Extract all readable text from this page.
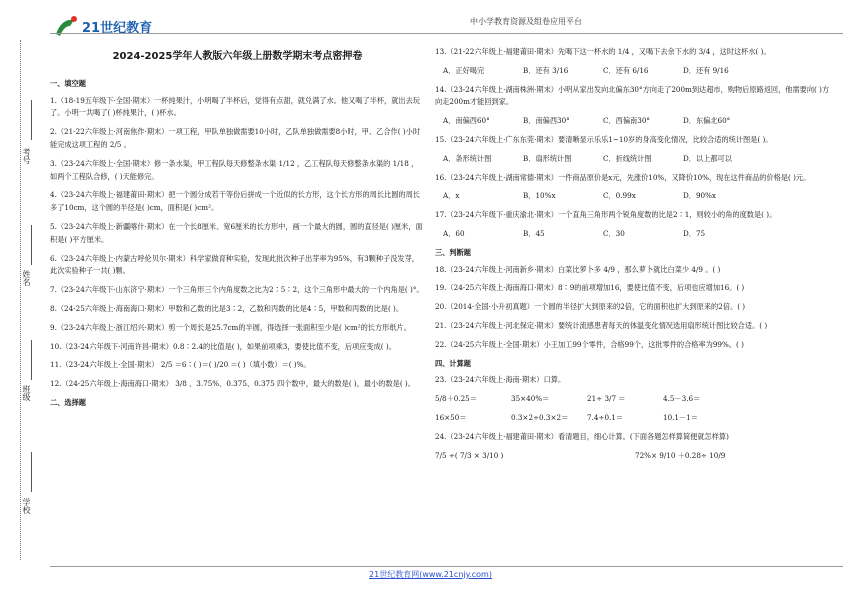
21世纪教育	中小学教育资源及组卷应用平台
考号
姓名
班级
学校
2024-2025学年人教版六年级上册数学期末考点密押卷
一、填空题
1.（18-19五年级下·全国·期末）一杯纯果汁，小明喝了半杯后，觉得有点甜，就兑满了水。他又喝了半杯，就出去玩了。小明一共喝了( )杯纯果汁，( )杯水。
2.（21-22六年级上·河南焦作·期末）一项工程，甲队单独做需要10小时，乙队单独做需要8小时，甲、乙合作( )小时能完成这项工程的 2/5 。
3.（23-24六年级上·全国·期末）修一条水渠，甲工程队每天修整条水渠 1/12 ，乙工程队每天修整条水渠的 1/18 ，如两个工程队合修，( )天能修完。
4.（23-24六年级上·福建莆田·期末）把一个圆分成若干等份后拼成一个近似的长方形，这个长方形的周长比圆的周长多了10cm，这个圆的半径是( )cm，面积是( )cm²。
5.（23-24六年级上·新疆喀什·期末）在一个长8厘米、宽6厘米的长方形中，画一个最大的圆，圆的直径是( )厘米，面积是( )平方厘米。
6.（23-24六年级上·内蒙古呼伦贝尔·期末）科学家做育种实验，发现此批次种子出芽率为95%，有3颗种子没发芽，此次实验种子一共( )颗。
7.（23-24六年级下·山东济宁·期末）一个三角形三个内角度数之比为2∶5∶2，这个三角形中最大的一个内角是( )°。
8.（24-25六年级上·海南海口·期末）甲数和乙数的比是3∶2，乙数和丙数的比是4∶5，甲数和丙数的比是( )。
9.（23-24六年级上·浙江绍兴·期末）剪一个周长是25.7cm的半圆，得选择一张面积至少是( )cm²的长方形纸片。
10.（23-24六年级下·河南许昌·期末）0.8∶2.4的比值是( )，如果前项乘3，要使比值不变，后项应变成( )。
11.（23-24六年级上·全国·期末） 2/5 ＝6∶( )＝( )/20 ＝( )（填小数）＝( )%。
12.（24-25六年级上·海南海口·期末） 3/8 、3.75%、0.375、0.37̇5 四个数中，最大的数是( )，最小的数是( )。
二、选择题
13.（21-22六年级上·福建莆田·期末）先喝下这一杯水的 1/4 ，又喝下去余下水的 3/4 ，这时这杯水( )。
A．正好喝完	B．还有 3/16	C．还有 6/16	D．还有 9/16
14.（23-24六年级上·湖南株洲·期末）小明从家出发向北偏东30°方向走了200m到达超市，购物后原路返回，他需要向( )方向走200m才能回到家。
A．南偏西60°	B．南偏西30°	C．西偏南30°	D．东偏北60°
15.（23-24六年级上·广东东莞·期末）要清晰显示乐乐1~10岁的身高变化情况，比较合适的统计图是( )。
A．条形统计图	B．扇形统计图	C．折线统计图	D．以上都可以
16.（23-24六年级上·湖南常德·期末）一件商品原价是x元，先涨价10%，又降价10%，现在这件商品的价格是( )元。
A．x	B．10%x	C．0.99x	D．90%x
17.（23-24六年级下·重庆渝北·期末）一个直角三角形两个锐角度数的比是2∶1，则较小的角的度数是( )。
A．60	B．45	C．30	D．75
三、判断题
18.（23-24六年级上·河南新乡·期末）白菜比萝卜多 4/9 ，那么萝卜就比白菜少 4/9 。( )
19.（24-25六年级上·海南海口·期末）8∶9的前项增加16，要使比值不变，后项也应增加16。( )
20.（2014·全国·小升初真题）一个圆的半径扩大到原来的2倍，它的面积也扩大到原来的2倍。( )
21.（23-24六年级上·河北保定·期末）要统计流感患者每天的体温变化情况选用扇形统计图比较合适。( )
22.（24-25六年级上·全国·期末）小王加工99个零件，合格99个，这批零件的合格率为99%。( )
四、计算题
23.（23-24六年级上·海南·期末）口算。
5/8＋0.25＝	35×40%＝	21÷ 3/7 ＝	4.5－3.6＝
16×50＝	0.3×2÷0.3×2＝	7.4÷0.1＝	10.1－1＝
24.（23-24六年级上·福建莆田·期末）看清题目，细心计算。(下面各题怎样算简便就怎样算)
7/5 ÷( 7/3 × 3/10 )	72%× 9/10 ＋0.28÷ 10/9
21世纪教育网(www.21cnjy.com)
